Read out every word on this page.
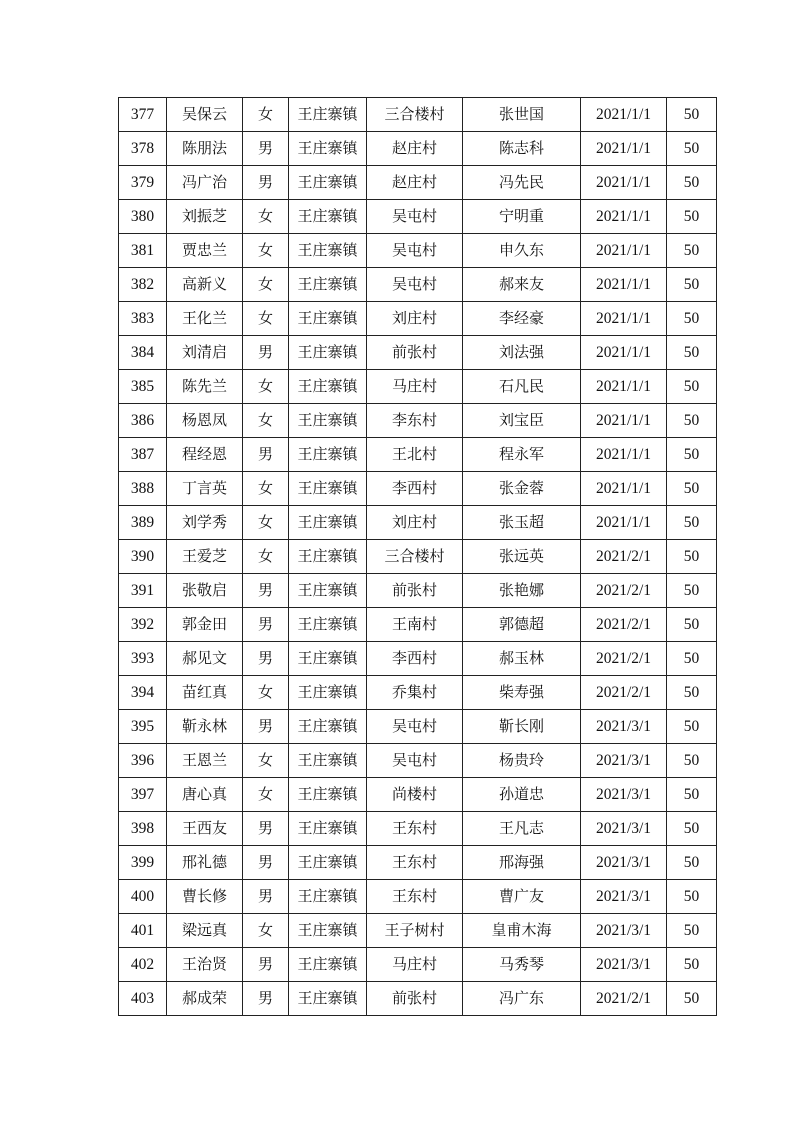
377	吴保云	女	王庄寨镇	三合楼村	张世国	2021/1/1	50
378	陈朋法	男	王庄寨镇	赵庄村	陈志科	2021/1/1	50
379	冯广治	男	王庄寨镇	赵庄村	冯先民	2021/1/1	50
380	刘振芝	女	王庄寨镇	吴屯村	宁明重	2021/1/1	50
381	贾忠兰	女	王庄寨镇	吴屯村	申久东	2021/1/1	50
382	高新义	女	王庄寨镇	吴屯村	郝来友	2021/1/1	50
383	王化兰	女	王庄寨镇	刘庄村	李经豪	2021/1/1	50
384	刘清启	男	王庄寨镇	前张村	刘法强	2021/1/1	50
385	陈先兰	女	王庄寨镇	马庄村	石凡民	2021/1/1	50
386	杨恩凤	女	王庄寨镇	李东村	刘宝臣	2021/1/1	50
387	程经恩	男	王庄寨镇	王北村	程永军	2021/1/1	50
388	丁言英	女	王庄寨镇	李西村	张金蓉	2021/1/1	50
389	刘学秀	女	王庄寨镇	刘庄村	张玉超	2021/1/1	50
390	王爱芝	女	王庄寨镇	三合楼村	张远英	2021/2/1	50
391	张敬启	男	王庄寨镇	前张村	张艳娜	2021/2/1	50
392	郭金田	男	王庄寨镇	王南村	郭德超	2021/2/1	50
393	郝见文	男	王庄寨镇	李西村	郝玉林	2021/2/1	50
394	苗红真	女	王庄寨镇	乔集村	柴寿强	2021/2/1	50
395	靳永林	男	王庄寨镇	吴屯村	靳长刚	2021/3/1	50
396	王恩兰	女	王庄寨镇	吴屯村	杨贵玲	2021/3/1	50
397	唐心真	女	王庄寨镇	尚楼村	孙道忠	2021/3/1	50
398	王西友	男	王庄寨镇	王东村	王凡志	2021/3/1	50
399	邢礼德	男	王庄寨镇	王东村	邢海强	2021/3/1	50
400	曹长修	男	王庄寨镇	王东村	曹广友	2021/3/1	50
401	梁远真	女	王庄寨镇	王子树村	皇甫木海	2021/3/1	50
402	王治贤	男	王庄寨镇	马庄村	马秀琴	2021/3/1	50
403	郝成荣	男	王庄寨镇	前张村	冯广东	2021/2/1	50
